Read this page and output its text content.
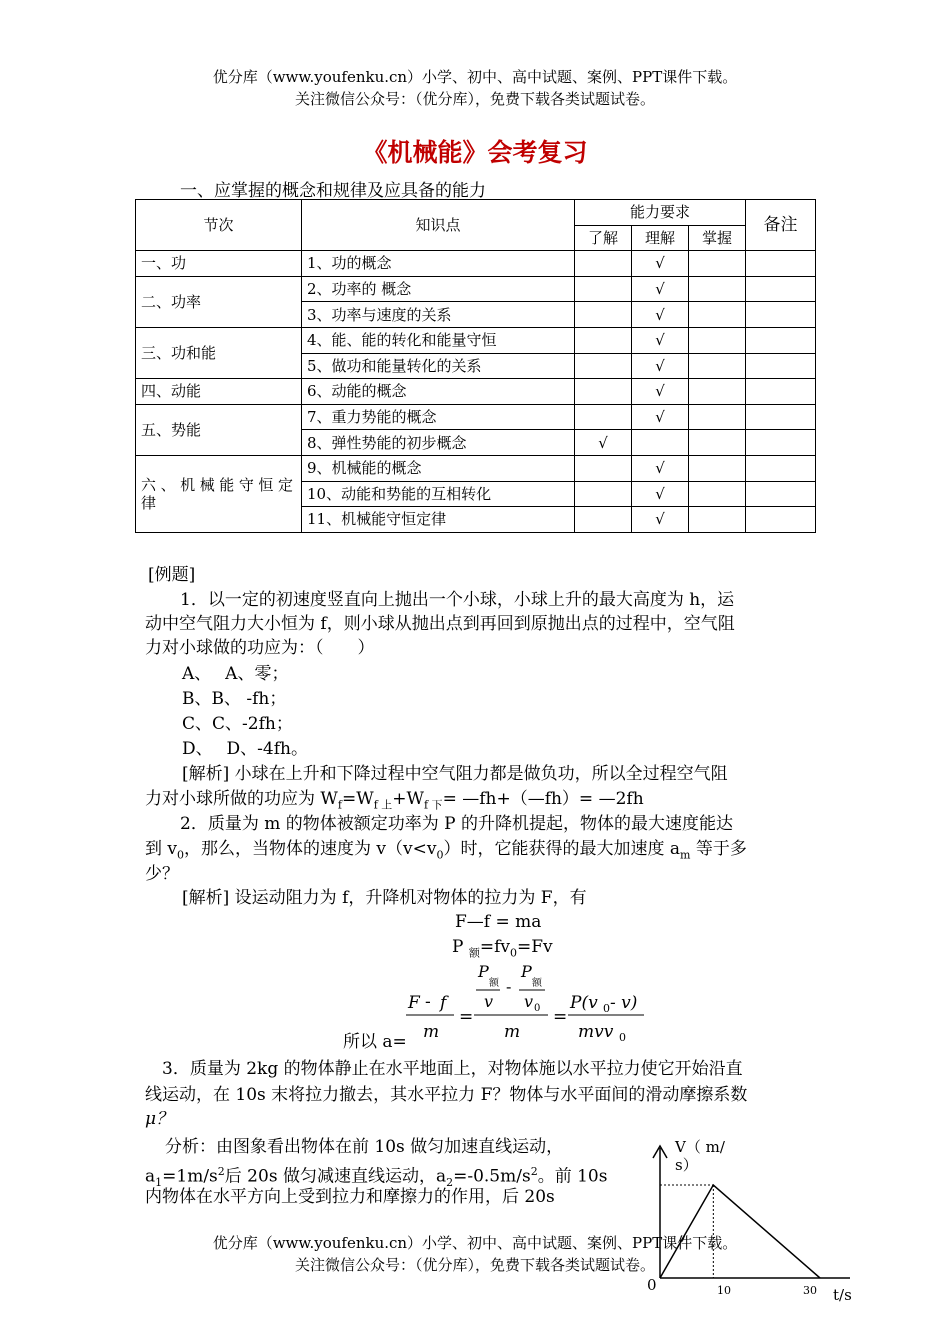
优分库（www.youfenku.cn）小学、初中、高中试题、案例、PPT课件下载。
关注微信公众号：（优分库），免费下载各类试题试卷。
《机械能》会考复习
一、应掌握的概念和规律及应具备的能力
节次	知识点	能力要求			备注
		了解	理解	掌握	
一、功	1、功的概念		√		
二、功率	2、功率的 概念		√		
	3、功率与速度的关系		√		
三、功和能	4、能、能的转化和能量守恒		√		
	5、做功和能量转化的关系		√		
四、动能	6、动能的概念		√		
五、势能	7、重力势能的概念		√		
	8、弹性势能的初步概念	√			
六、机械能守恒定律	9、机械能的概念		√		
	10、动能和势能的互相转化		√		
	11、机械能守恒定律		√		
[例题]
1．以一定的初速度竖直向上抛出一个小球，小球上升的最大高度为 h，运
动中空气阻力大小恒为 f，则小球从抛出点到再回到原抛出点的过程中，空气阻
力对小球做的功应为：（　　）
A、　 A、零；
B、B、 -fh；
C、C、-2fh；
D、　 D、-4fh。
[解析] 小球在上升和下降过程中空气阻力都是做负功，所以全过程空气阻
力对小球所做的功应为 $W_f=W_{f 上}+W_{f 下}=$ —fh+（—fh）= —2fh
2．质量为 m 的物体被额定功率为 P 的升降机提起，物体的最大速度能达
到 $v_0$，那么，当物体的速度为 $v(v<v_0)$时，它能获得的最大加速度 $a_m$ 等于多
少？
[解析] 设运动阻力为 f，升降机对物体的拉力为 F，有
F—f = ma
P $_额=fv_0=Fv$
所以 a=
F - f
m
=
P
额
v
-
P
额
v 0
m
=
P(v 0 - v)
mvv 0
3．质量为 2kg 的物体静止在水平地面上，对物体施以水平拉力使它开始沿直
线运动，在 10s 末将拉力撤去，其水平拉力 F？物体与水平面间的滑动摩擦系数
μ？
分析：由图象看出物体在前 10s 做匀加速直线运动，
$a_1=1m/s^2$后 20s 做匀减速直线运动，$a_2=-0.5m/s^2$。前 10s
内物体在水平方向上受到拉力和摩擦力的作用，后 20s
V（ m/
s）
0	10	30 t/s
优分库（www.youfenku.cn）小学、初中、高中试题、案例、PPT课件下载。
关注微信公众号：（优分库），免费下载各类试题试卷。
